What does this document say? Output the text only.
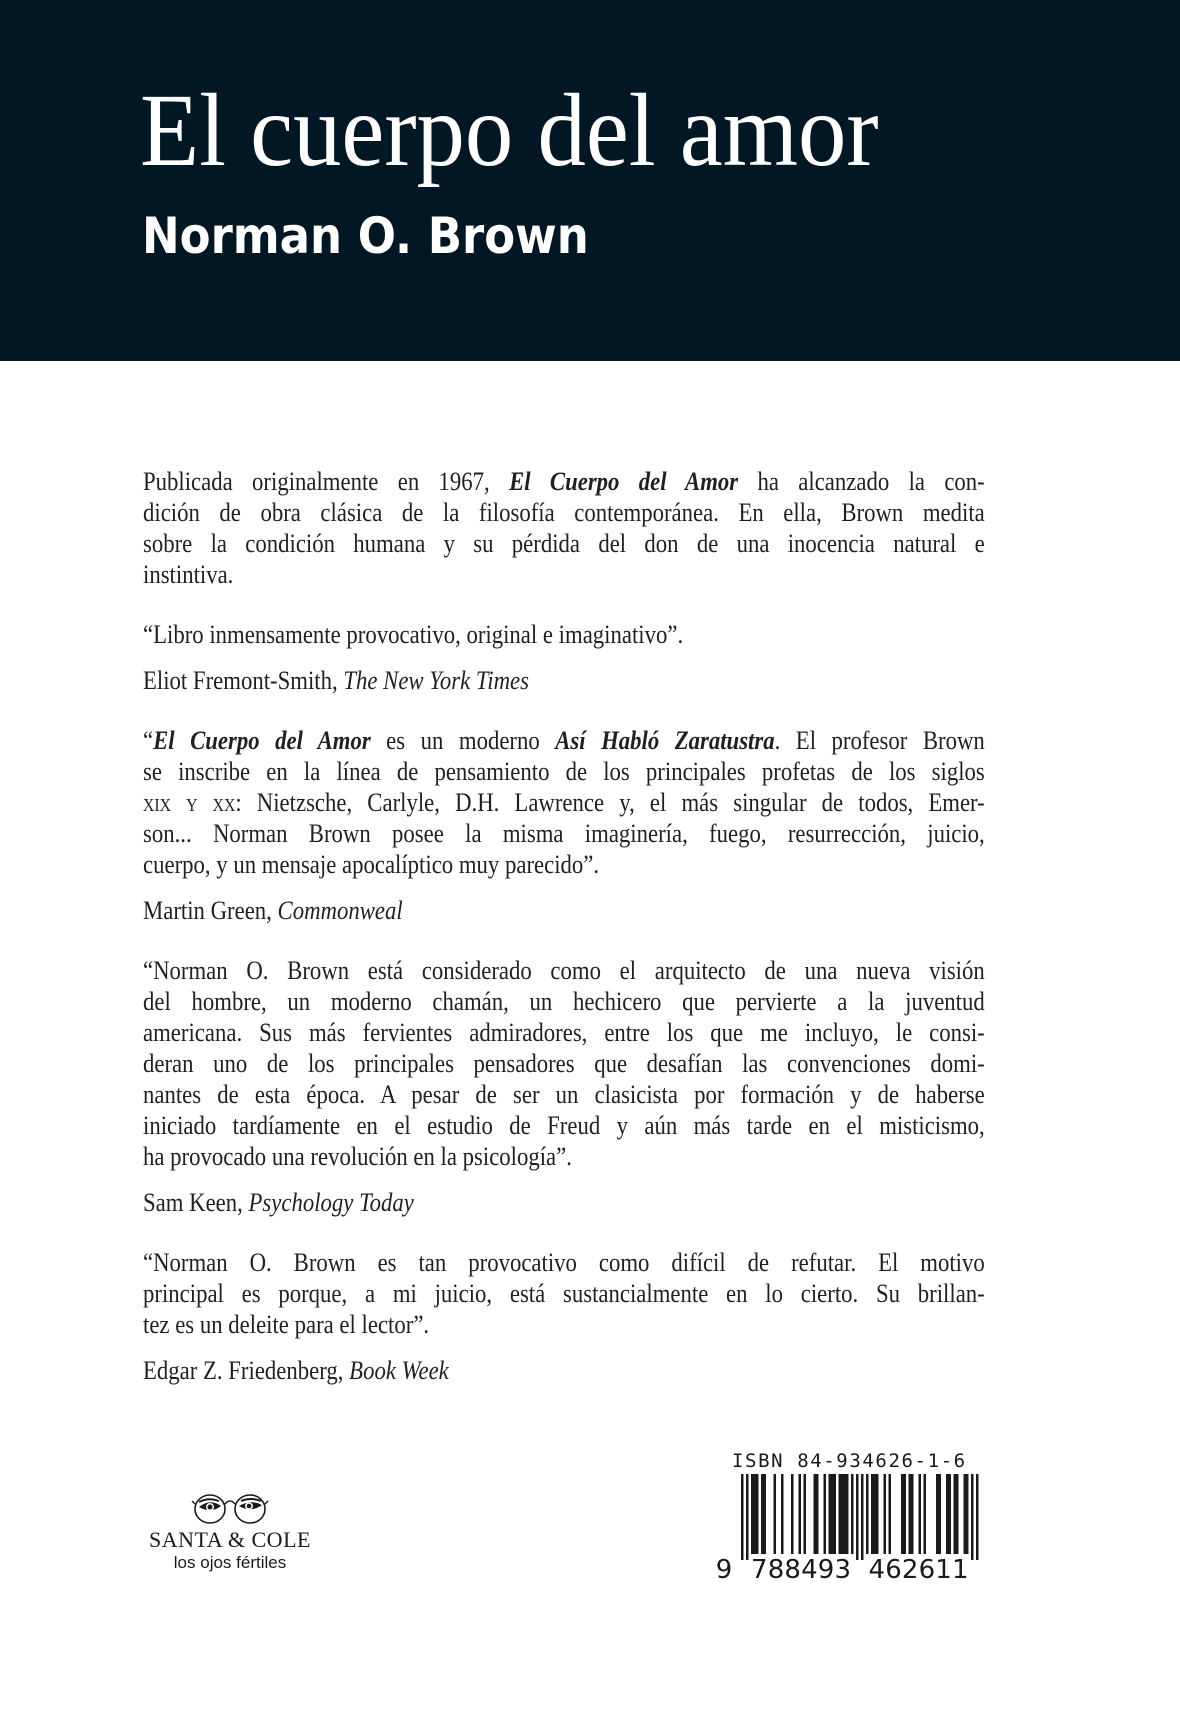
El cuerpo del amor
Norman O. Brown
Publicada originalmente en 1967, El Cuerpo del Amor ha alcanzado la con-
dición de obra clásica de la filosofía contemporánea. En ella, Brown medita
sobre la condición humana y su pérdida del don de una inocencia natural e
instintiva.
“Libro inmensamente provocativo, original e imaginativo”.
Eliot Fremont-Smith, The New York Times
“El Cuerpo del Amor es un moderno Así Habló Zaratustra. El profesor Brown
se inscribe en la línea de pensamiento de los principales profetas de los siglos
xix y xx: Nietzsche, Carlyle, D.H. Lawrence y, el más singular de todos, Emer-
son... Norman Brown posee la misma imaginería, fuego, resurrección, juicio,
cuerpo, y un mensaje apocalíptico muy parecido”.
Martin Green, Commonweal
“Norman O. Brown está considerado como el arquitecto de una nueva visión
del hombre, un moderno chamán, un hechicero que pervierte a la juventud
americana. Sus más fervientes admiradores, entre los que me incluyo, le consi-
deran uno de los principales pensadores que desafían las convenciones domi-
nantes de esta época. A pesar de ser un clasicista por formación y de haberse
iniciado tardíamente en el estudio de Freud y aún más tarde en el misticismo,
ha provocado una revolución en la psicología”.
Sam Keen, Psychology Today
“Norman O. Brown es tan provocativo como difícil de refutar. El motivo
principal es porque, a mi juicio, está sustancialmente en lo cierto. Su brillan-
tez es un deleite para el lector”.
Edgar Z. Friedenberg, Book Week
SANTA & COLE
los ojos fértiles
ISBN 84-934626-1-6
9 788493 462611
